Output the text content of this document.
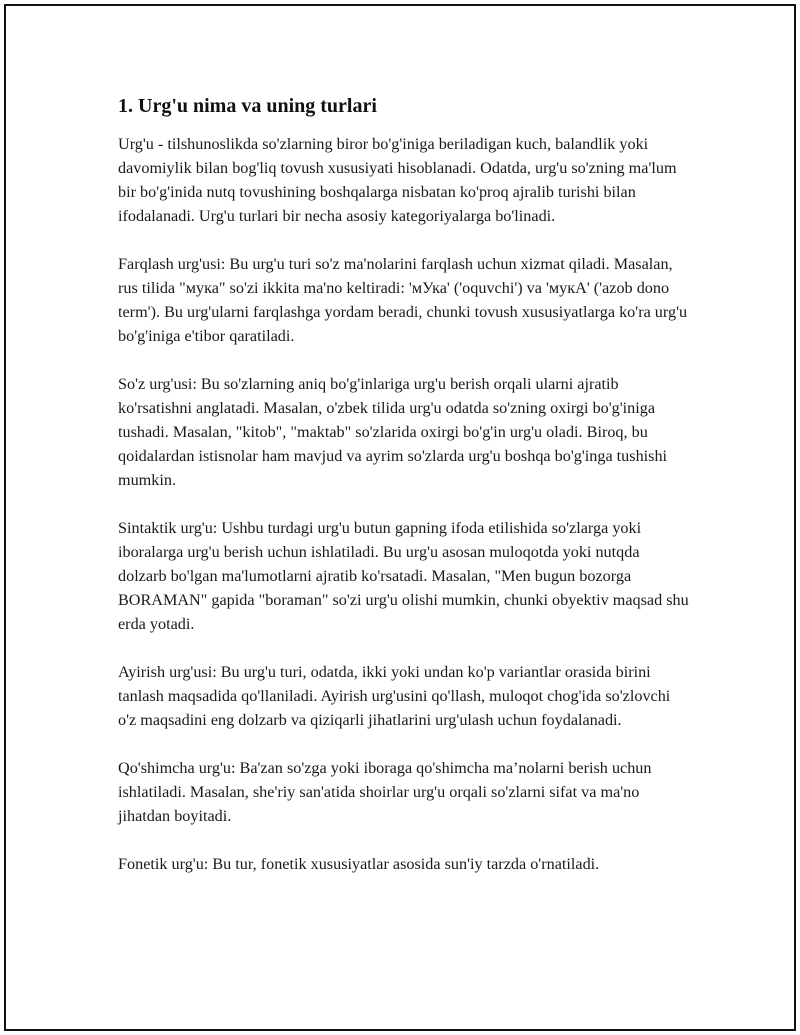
1. Urg'u nima va uning turlari

Urg'u - tilshunoslikda so'zlarning biror bo'g'iniga beriladigan kuch, balandlik yoki davomiylik bilan bog'liq tovush xususiyati hisoblanadi. Odatda, urg'u so'zning ma'lum bir bo'g'inida nutq tovushining boshqalarga nisbatan ko'proq ajralib turishi bilan ifodalanadi. Urg'u turlari bir necha asosiy kategoriyalarga bo'linadi.

Farqlash urg'usi: Bu urg'u turi so'z ma'nolarini farqlash uchun xizmat qiladi. Masalan, rus tilida "мука" so'zi ikkita ma'no keltiradi: 'мУка' ('oquvchi') va 'мукА' ('azob dono term'). Bu urg'ularni farqlashga yordam beradi, chunki tovush xususiyatlarga ko'ra urg'u bo'g'iniga e'tibor qaratiladi.

So'z urg'usi: Bu so'zlarning aniq bo'g'inlariga urg'u berish orqali ularni ajratib ko'rsatishni anglatadi. Masalan, o'zbek tilida urg'u odatda so'zning oxirgi bo'g'iniga tushadi. Masalan, "kitob", "maktab" so'zlarida oxirgi bo'g'in urg'u oladi. Biroq, bu qoidalardan istisnolar ham mavjud va ayrim so'zlarda urg'u boshqa bo'g'inga tushishi mumkin.

Sintaktik urg'u: Ushbu turdagi urg'u butun gapning ifoda etilishida so'zlarga yoki iboralarga urg'u berish uchun ishlatiladi. Bu urg'u asosan muloqotda yoki nutqda dolzarb bo'lgan ma'lumotlarni ajratib ko'rsatadi. Masalan, "Men bugun bozorga BORAMAN" gapida "boraman" so'zi urg'u olishi mumkin, chunki obyektiv maqsad shu erda yotadi.

Ayirish urg'usi: Bu urg'u turi, odatda, ikki yoki undan ko'p variantlar orasida birini tanlash maqsadida qo'llaniladi. Ayirish urg'usini qo'llash, muloqot chog'ida so'zlovchi o'z maqsadini eng dolzarb va qiziqarli jihatlarini urg'ulash uchun foydalanadi.

Qo'shimcha urg'u: Ba'zan so'zga yoki iboraga qo'shimcha ma’nolarni berish uchun ishlatiladi. Masalan, she'riy san'atida shoirlar urg'u orqali so'zlarni sifat va ma'no jihatdan boyitadi.

Fonetik urg'u: Bu tur, fonetik xususiyatlar asosida sun'iy tarzda o'rnatiladi.
